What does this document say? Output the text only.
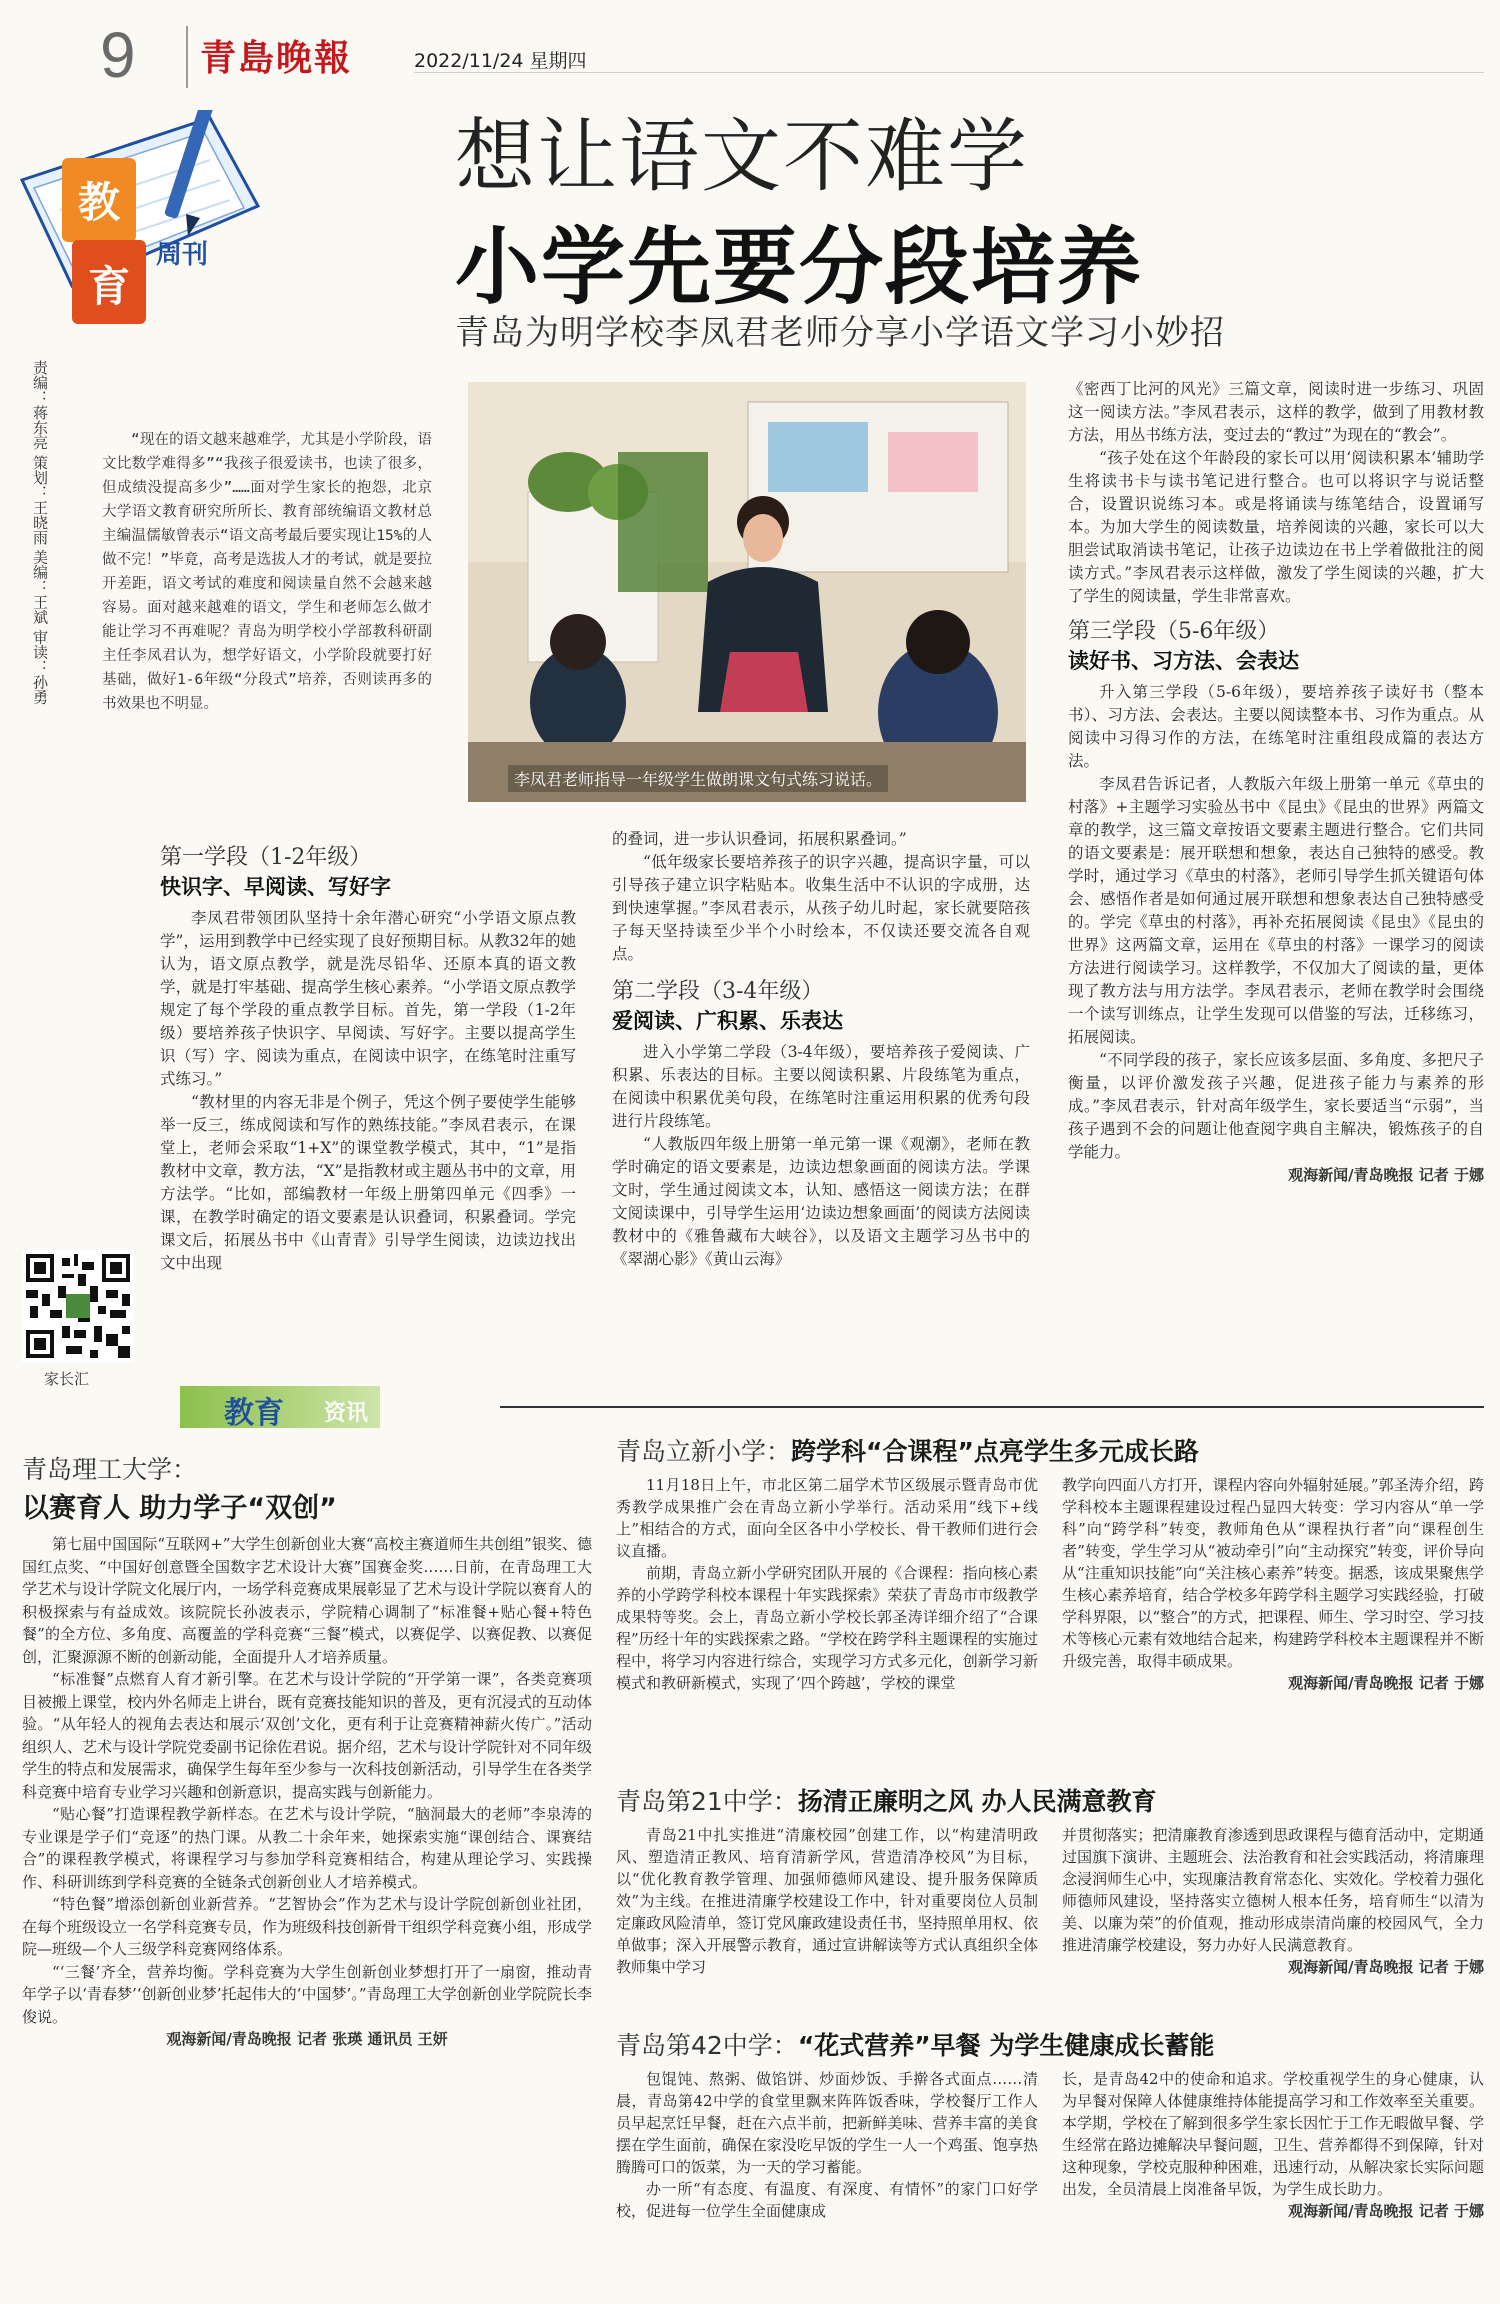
9 青島晚報	2022/11/24 星期四
教
育
周刊
想让语文不难学
小学先要分段培养
青岛为明学校李凤君老师分享小学语文学习小妙招
责编：蒋东亮 策划：王晓雨 美编：王斌 审读：孙勇	“现在的语文越来越难学，尤其是小学阶段，语文比数学难得多”“我孩子很爱读书，也读了很多，但成绩没提高多少”……面对学生家长的抱怨，北京大学语文教育研究所所长、教育部统编语文教材总主编温儒敏曾表示“语文高考最后要实现让15%的人做不完！”毕竟，高考是选拔人才的考试，就是要拉开差距，语文考试的难度和阅读量自然不会越来越容易。面对越来越难的语文，学生和老师怎么做才能让学习不再难呢？青岛为明学校小学部教科研副主任李凤君认为，想学好语文，小学阶段就要打好基础，做好1-6年级“分段式”培养，否则读再多的书效果也不明显。

李凤君老师指导一年级学生做朗课文句式练习说话。

《密西丁比河的风光》三篇文章，阅读时进一步练习、巩固这一阅读方法。”李凤君表示，这样的教学，做到了用教材教方法，用丛书练方法，变过去的“教过”为现在的“教会”。

“孩子处在这个年龄段的家长可以用‘阅读积累本’辅助学生将读书卡与读书笔记进行整合。也可以将识字与说话整合，设置识说练习本。或是将诵读与练笔结合，设置诵写本。为加大学生的阅读数量，培养阅读的兴趣，家长可以大胆尝试取消读书笔记，让孩子边读边在书上学着做批注的阅读方式。”李凤君表示这样做，激发了学生阅读的兴趣，扩大了学生的阅读量，学生非常喜欢。

第三学段（5-6年级）
读好书、习方法、会表达

升入第三学段（5-6年级），要培养孩子读好书（整本书）、习方法、会表达。主要以阅读整本书、习作为重点。从阅读中习得习作的方法，在练笔时注重组段成篇的表达方法。

李凤君告诉记者，人教版六年级上册第一单元《草虫的村落》+主题学习实验丛书中《昆虫》《昆虫的世界》两篇文章的教学，这三篇文章按语文要素主题进行整合。它们共同的语文要素是：展开联想和想象，表达自己独特的感受。教学时，通过学习《草虫的村落》，老师引导学生抓关键语句体会、感悟作者是如何通过展开联想和想象表达自己独特感受的。学完《草虫的村落》，再补充拓展阅读《昆虫》《昆虫的世界》这两篇文章，运用在《草虫的村落》一课学习的阅读方法进行阅读学习。这样教学，不仅加大了阅读的量，更体现了教方法与用方法学。李凤君表示，老师在教学时会围绕一个读写训练点，让学生发现可以借鉴的写法，迁移练习，拓展阅读。

“不同学段的孩子，家长应该多层面、多角度、多把尺子衡量，以评价激发孩子兴趣，促进孩子能力与素养的形成。”李凤君表示，针对高年级学生，家长要适当“示弱”，当孩子遇到不会的问题让他查阅字典自主解决，锻炼孩子的自学能力。

观海新闻/青岛晚报 记者 于娜
第一学段（1-2年级）
快识字、早阅读、写好字

李凤君带领团队坚持十余年潜心研究“小学语文原点教学”，运用到教学中已经实现了良好预期目标。从教32年的她认为，语文原点教学，就是洗尽铅华、还原本真的语文教学，就是打牢基础、提高学生核心素养。“小学语文原点教学规定了每个学段的重点教学目标。首先，第一学段（1-2年级）要培养孩子快识字、早阅读、写好字。主要以提高学生识（写）字、阅读为重点，在阅读中识字，在练笔时注重写式练习。”

“教材里的内容无非是个例子，凭这个例子要使学生能够举一反三，练成阅读和写作的熟练技能。”李凤君表示，在课堂上，老师会采取“1+X”的课堂教学模式，其中，“1”是指教材中文章，教方法，“X”是指教材或主题丛书中的文章，用方法学。“比如，部编教材一年级上册第四单元《四季》一课，在教学时确定的语文要素是认识叠词，积累叠词。学完课文后，拓展丛书中《山青青》引导学生阅读，边读边找出文中出现

的叠词，进一步认识叠词，拓展积累叠词。”

“低年级家长要培养孩子的识字兴趣，提高识字量，可以引导孩子建立识字粘贴本。收集生活中不认识的字成册，达到快速掌握。”李凤君表示，从孩子幼儿时起，家长就要陪孩子每天坚持读至少半个小时绘本，不仅读还要交流各自观点。

第二学段（3-4年级）
爱阅读、广积累、乐表达

进入小学第二学段（3-4年级），要培养孩子爱阅读、广积累、乐表达的目标。主要以阅读积累、片段练笔为重点，在阅读中积累优美句段，在练笔时注重运用积累的优秀句段进行片段练笔。

“人教版四年级上册第一单元第一课《观潮》，老师在教学时确定的语文要素是，边读边想象画面的阅读方法。学课文时，学生通过阅读文本，认知、感悟这一阅读方法；在群文阅读课中，引导学生运用‘边读边想象画面’的阅读方法阅读教材中的《雅鲁藏布大峡谷》，以及语文主题学习丛书中的《翠湖心影》《黄山云海》

家长汇
教育 资讯
青岛理工大学：
以赛育人 助力学子“双创”

第七届中国国际“互联网+”大学生创新创业大赛“高校主赛道师生共创组”银奖、德国红点奖、“中国好创意暨全国数字艺术设计大赛”国赛金奖……日前，在青岛理工大学艺术与设计学院文化展厅内，一场学科竞赛成果展彰显了艺术与设计学院以赛育人的积极探索与有益成效。该院院长孙波表示，学院精心调制了“标准餐+贴心餐+特色餐”的全方位、多角度、高覆盖的学科竞赛“三餐”模式，以赛促学、以赛促教、以赛促创，汇聚源源不断的创新动能，全面提升人才培养质量。

“标准餐”点燃育人育才新引擎。在艺术与设计学院的“开学第一课”，各类竞赛项目被搬上课堂，校内外名师走上讲台，既有竞赛技能知识的普及，更有沉浸式的互动体验。“从年轻人的视角去表达和展示‘双创’文化，更有利于让竞赛精神薪火传广。”活动组织人、艺术与设计学院党委副书记徐佐君说。据介绍，艺术与设计学院针对不同年级学生的特点和发展需求，确保学生每年至少参与一次科技创新活动，引导学生在各类学科竞赛中培育专业学习兴趣和创新意识，提高实践与创新能力。

“贴心餐”打造课程教学新样态。在艺术与设计学院，“脑洞最大的老师”李泉涛的专业课是学子们“竞逐”的热门课。从教二十余年来，她探索实施“课创结合、课赛结合”的课程教学模式，将课程学习与参加学科竞赛相结合，构建从理论学习、实践操作、科研训练到学科竞赛的全链条式创新创业人才培养模式。

“特色餐”增添创新创业新营养。“艺智协会”作为艺术与设计学院创新创业社团，在每个班级设立一名学科竞赛专员，作为班级科技创新骨干组织学科竞赛小组，形成学院—班级—个人三级学科竞赛网络体系。

“‘三餐’齐全，营养均衡。学科竞赛为大学生创新创业梦想打开了一扇窗，推动青年学子以‘青春梦’‘创新创业梦’托起伟大的‘中国梦’。”青岛理工大学创新创业学院院长李俊说。

观海新闻/青岛晚报 记者 张瑛 通讯员 王妍
青岛立新小学：跨学科“合课程”点亮学生多元成长路

11月18日上午，市北区第二届学术节区级展示暨青岛市优秀教学成果推广会在青岛立新小学举行。活动采用“线下+线上”相结合的方式，面向全区各中小学校长、骨干教师们进行会议直播。

前期，青岛立新小学研究团队开展的《合课程：指向核心素养的小学跨学科校本课程十年实践探索》荣获了青岛市市级教学成果特等奖。会上，青岛立新小学校长郭圣涛详细介绍了“合课程”历经十年的实践探索之路。“学校在跨学科主题课程的实施过程中，将学习内容进行综合，实现学习方式多元化，创新学习新模式和教研新模式，实现了‘四个跨越’，学校的课堂

教学向四面八方打开，课程内容向外辐射延展。”郭圣涛介绍，跨学科校本主题课程建设过程凸显四大转变：学习内容从“单一学科”向“跨学科”转变，教师角色从“课程执行者”向“课程创生者”转变，学生学习从“被动牵引”向“主动探究”转变，评价导向从“注重知识技能”向“关注核心素养”转变。据悉，该成果聚焦学生核心素养培育，结合学校多年跨学科主题学习实践经验，打破学科界限，以“整合”的方式，把课程、师生、学习时空、学习技术等核心元素有效地结合起来，构建跨学科校本主题课程并不断升级完善，取得丰硕成果。

观海新闻/青岛晚报 记者 于娜
青岛第21中学：扬清正廉明之风 办人民满意教育

青岛21中扎实推进“清廉校园”创建工作，以“构建清明政风、塑造清正教风、培育清新学风，营造清净校风”为目标，以“优化教育教学管理、加强师德师风建设、提升服务保障质效”为主线。在推进清廉学校建设工作中，针对重要岗位人员制定廉政风险清单，签订党风廉政建设责任书，坚持照单用权、依单做事；深入开展警示教育，通过宣讲解读等方式认真组织全体教师集中学习

并贯彻落实；把清廉教育渗透到思政课程与德育活动中，定期通过国旗下演讲、主题班会、法治教育和社会实践活动，将清廉理念浸润师生心中，实现廉洁教育常态化、实效化。学校着力强化师德师风建设，坚持落实立德树人根本任务，培育师生“以清为美、以廉为荣”的价值观，推动形成崇清尚廉的校园风气，全力推进清廉学校建设，努力办好人民满意教育。

观海新闻/青岛晚报 记者 于娜
青岛第42中学：“花式营养”早餐 为学生健康成长蓄能

包馄饨、熬粥、做馅饼、炒面炒饭、手擀各式面点……清晨，青岛第42中学的食堂里飘来阵阵饭香味，学校餐厅工作人员早起烹饪早餐，赶在六点半前，把新鲜美味、营养丰富的美食摆在学生面前，确保在家没吃早饭的学生一人一个鸡蛋、饱享热腾腾可口的饭菜，为一天的学习蓄能。

办一所“有态度、有温度、有深度、有情怀”的家门口好学校，促进每一位学生全面健康成

长，是青岛42中的使命和追求。学校重视学生的身心健康，认为早餐对保障人体健康维持体能提高学习和工作效率至关重要。本学期，学校在了解到很多学生家长因忙于工作无暇做早餐、学生经常在路边摊解决早餐问题，卫生、营养都得不到保障，针对这种现象，学校克服种种困难，迅速行动，从解决家长实际问题出发，全员清晨上岗准备早饭，为学生成长助力。

观海新闻/青岛晚报 记者 于娜
